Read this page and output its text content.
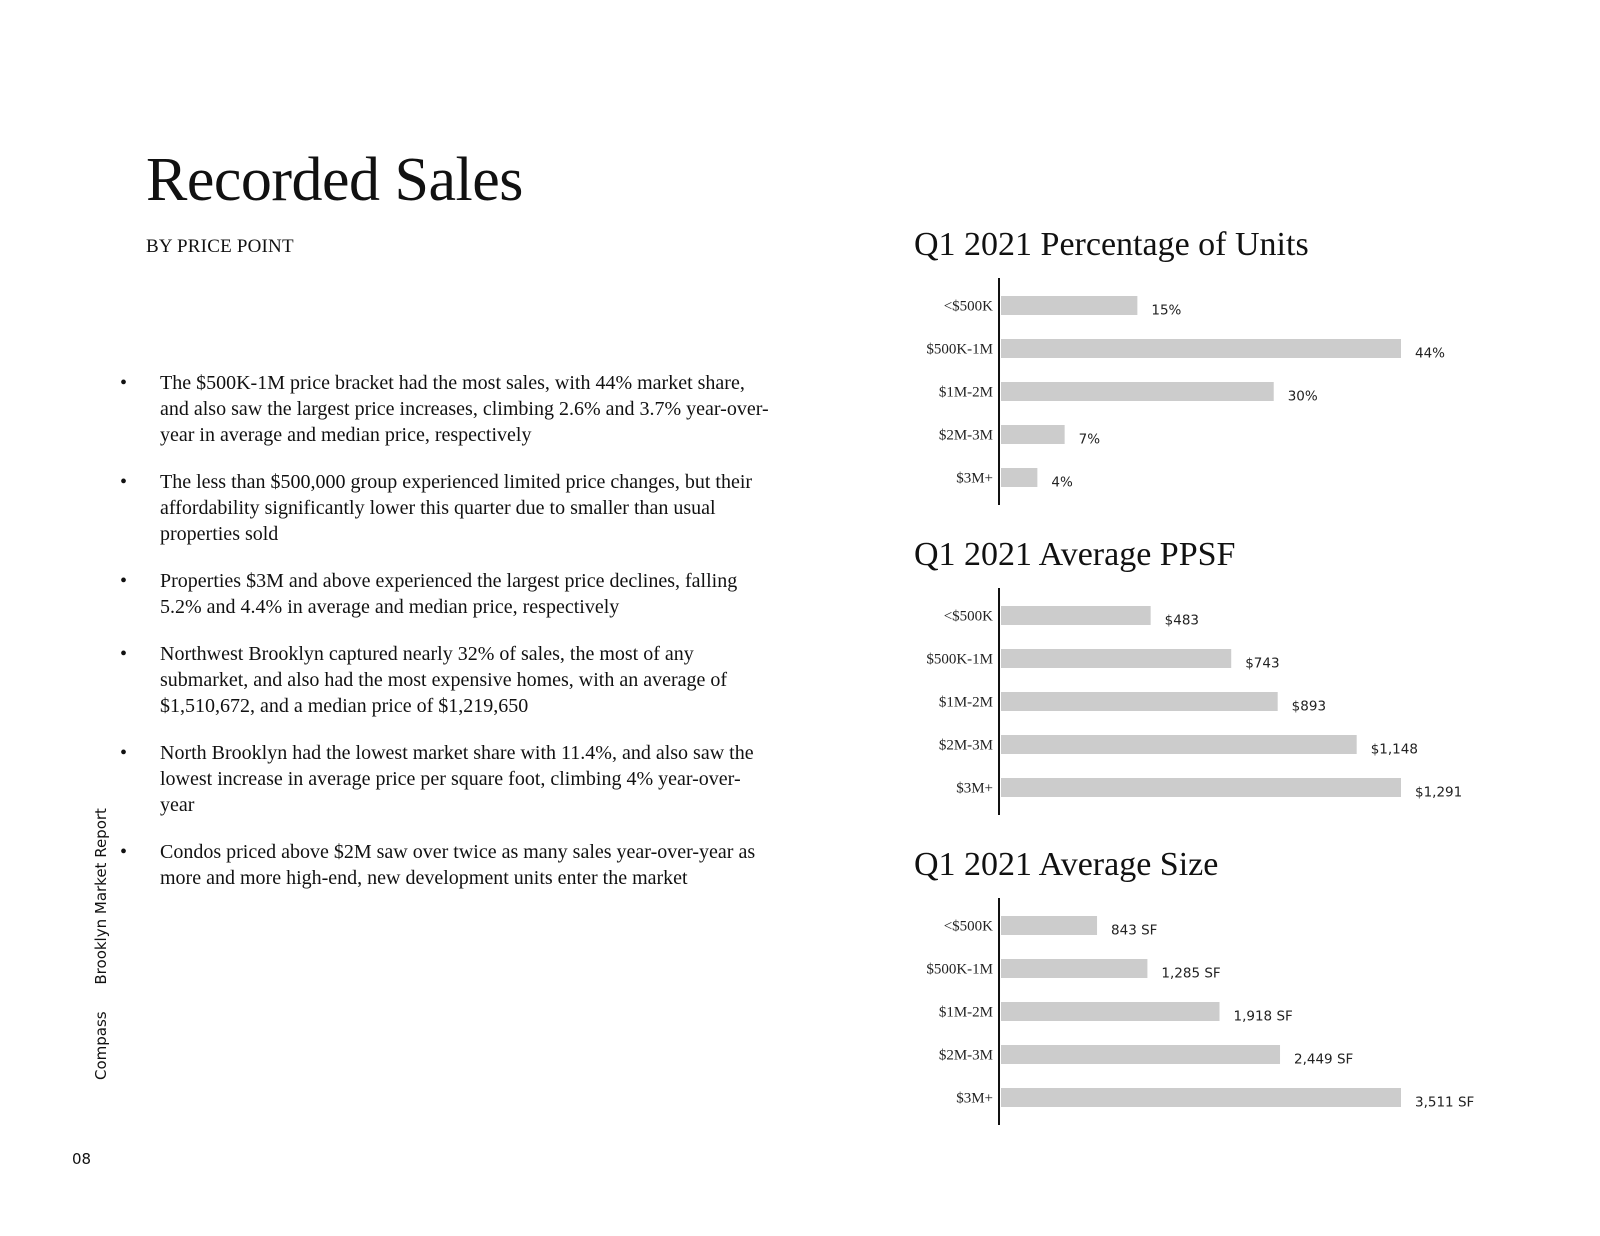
Recorded Sales
BY PRICE POINT
• The $500K-1M price bracket had the most sales, with 44% market share, and also saw the largest price increases, climbing 2.6% and 3.7% year-over-year in average and median price, respectively
• The less than $500,000 group experienced limited price changes, but their affordability significantly lower this quarter due to smaller than usual properties sold
• Properties $3M and above experienced the largest price declines, falling 5.2% and 4.4% in average and median price, respectively
• Northwest Brooklyn captured nearly 32% of sales, the most of any submarket, and also had the most expensive homes, with an average of $1,510,672, and a median price of $1,219,650
• North Brooklyn had the lowest market share with 11.4%, and also saw the lowest increase in average price per square foot, climbing 4% year-over-year
• Condos priced above $2M saw over twice as many sales year-over-year as more and more high-end, new development units enter the market
Compass Brooklyn Market Report
08
Q1 2021 Percentage of Units
<$500K	15%
$500K-1M	44%
$1M-2M	30%
$2M-3M	7%
$3M+	4%
Q1 2021 Average PPSF
<$500K	$483
$500K-1M	$743
$1M-2M	$893
$2M-3M	$1,148
$3M+	$1,291
Q1 2021 Average Size
<$500K	843 SF
$500K-1M	1,285 SF
$1M-2M	1,918 SF
$2M-3M	2,449 SF
$3M+	3,511 SF
